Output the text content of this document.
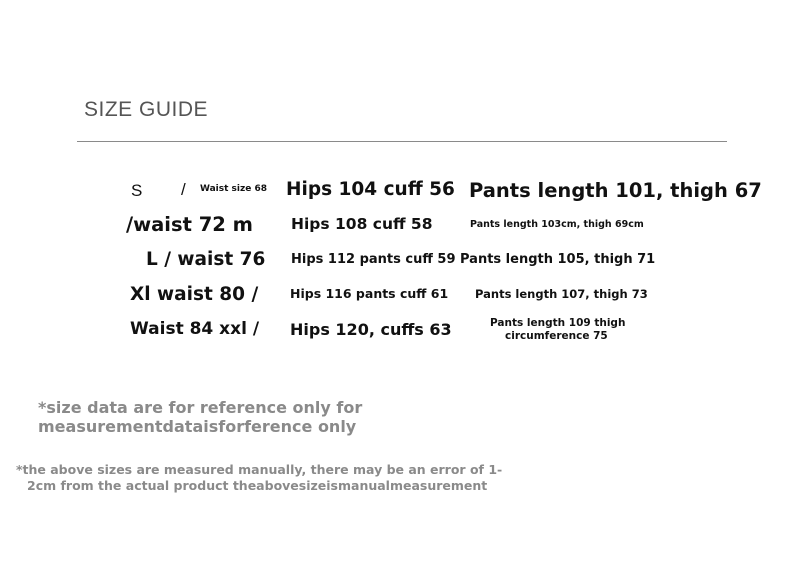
SIZE GUIDE
S / Waist size 68 Hips 104 cuff 56 Pants length 101, thigh 67
/waist 72 m Hips 108 cuff 58	Pants length 103cm, thigh 69cm
L / waist 76 Hips 112 pants cuff 59 Pants length 105, thigh 71
Xl waist 80 /	Hips 116 pants cuff 61 Pants length 107, thigh 73
Waist 84 xxl / Hips 120, cuffs 63	Pants length 109 thigh
circumference 75
*size data are for reference only for
measurementdataisforference only
*the above sizes are measured manually, there may be an error of 1-
2cm from the actual product theabovesizeismanualmeasurement
